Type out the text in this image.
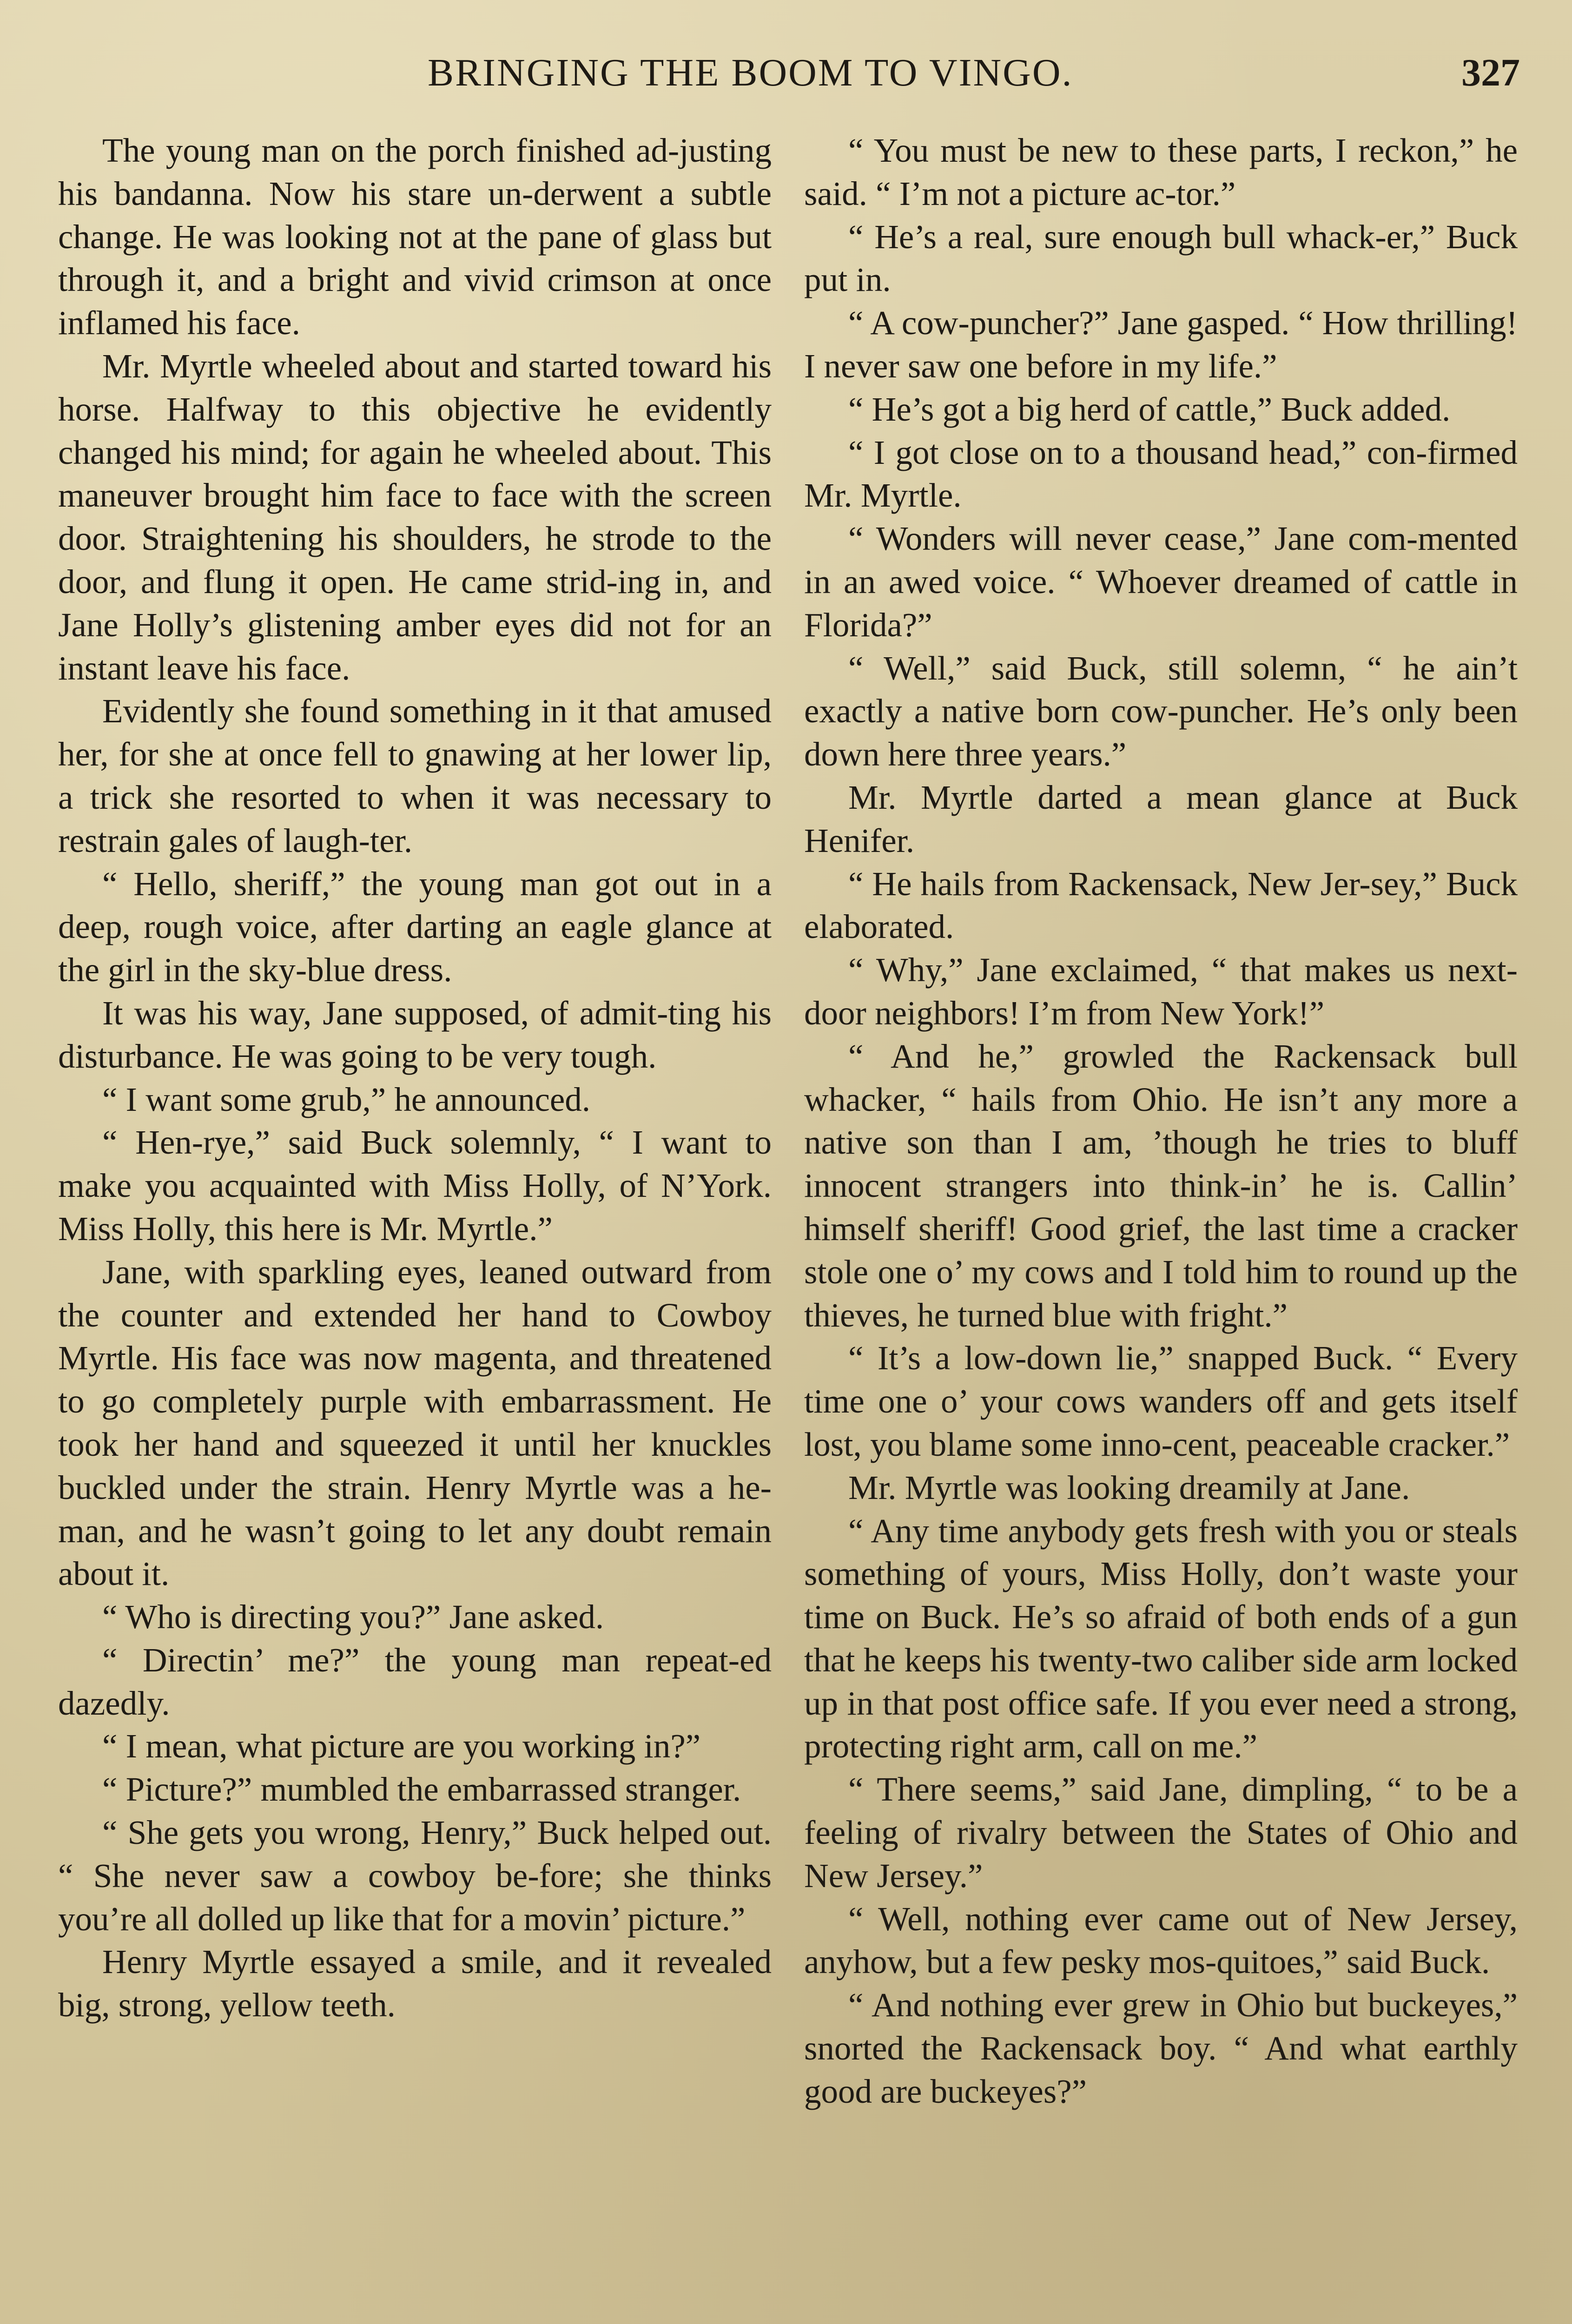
BRINGING THE BOOM TO VINGO.	327

The young man on the porch finished ad-justing his bandanna. Now his stare un-derwent a subtle change. He was looking not at the pane of glass but through it, and a bright and vivid crimson at once inflamed his face.

Mr. Myrtle wheeled about and started toward his horse. Halfway to this objective he evidently changed his mind; for again he wheeled about. This maneuver brought him face to face with the screen door. Straightening his shoulders, he strode to the door, and flung it open. He came strid-ing in, and Jane Holly’s glistening amber eyes did not for an instant leave his face.

Evidently she found something in it that amused her, for she at once fell to gnawing at her lower lip, a trick she resorted to when it was necessary to restrain gales of laugh-ter.

“ Hello, sheriff,” the young man got out in a deep, rough voice, after darting an eagle glance at the girl in the sky-blue dress.

It was his way, Jane supposed, of admit-ting his disturbance. He was going to be very tough.

“ I want some grub,” he announced.

“ Hen-rye,” said Buck solemnly, “ I want to make you acquainted with Miss Holly, of N’York. Miss Holly, this here is Mr. Myrtle.”

Jane, with sparkling eyes, leaned outward from the counter and extended her hand to Cowboy Myrtle. His face was now magenta, and threatened to go completely purple with embarrassment. He took her hand and squeezed it until her knuckles buckled under the strain. Henry Myrtle was a he-man, and he wasn’t going to let any doubt remain about it.

“ Who is directing you?” Jane asked.

“ Directin’ me?” the young man repeat-ed dazedly.

“ I mean, what picture are you working in?”

“ Picture?” mumbled the embarrassed stranger.

“ She gets you wrong, Henry,” Buck helped out. “ She never saw a cowboy be-fore; she thinks you’re all dolled up like that for a movin’ picture.”

Henry Myrtle essayed a smile, and it revealed big, strong, yellow teeth.

“ You must be new to these parts, I reckon,” he said. “ I’m not a picture ac-tor.”

“ He’s a real, sure enough bull whack-er,” Buck put in.

“ A cow-puncher?” Jane gasped. “ How thrilling! I never saw one before in my life.”

“ He’s got a big herd of cattle,” Buck added.

“ I got close on to a thousand head,” con-firmed Mr. Myrtle.

“ Wonders will never cease,” Jane com-mented in an awed voice. “ Whoever dreamed of cattle in Florida?”

“ Well,” said Buck, still solemn, “ he ain’t exactly a native born cow-puncher. He’s only been down here three years.”

Mr. Myrtle darted a mean glance at Buck Henifer.

“ He hails from Rackensack, New Jer-sey,” Buck elaborated.

“ Why,” Jane exclaimed, “ that makes us next-door neighbors! I’m from New York!”

“ And he,” growled the Rackensack bull whacker, “ hails from Ohio. He isn’t any more a native son than I am, ’though he tries to bluff innocent strangers into think-in’ he is. Callin’ himself sheriff! Good grief, the last time a cracker stole one o’ my cows and I told him to round up the thieves, he turned blue with fright.”

“ It’s a low-down lie,” snapped Buck. “ Every time one o’ your cows wanders off and gets itself lost, you blame some inno-cent, peaceable cracker.”

Mr. Myrtle was looking dreamily at Jane.

“ Any time anybody gets fresh with you or steals something of yours, Miss Holly, don’t waste your time on Buck. He’s so afraid of both ends of a gun that he keeps his twenty-two caliber side arm locked up in that post office safe. If you ever need a strong, protecting right arm, call on me.”

“ There seems,” said Jane, dimpling, “ to be a feeling of rivalry between the States of Ohio and New Jersey.”

“ Well, nothing ever came out of New Jersey, anyhow, but a few pesky mos-quitoes,” said Buck.

“ And nothing ever grew in Ohio but buckeyes,” snorted the Rackensack boy. “ And what earthly good are buckeyes?”
